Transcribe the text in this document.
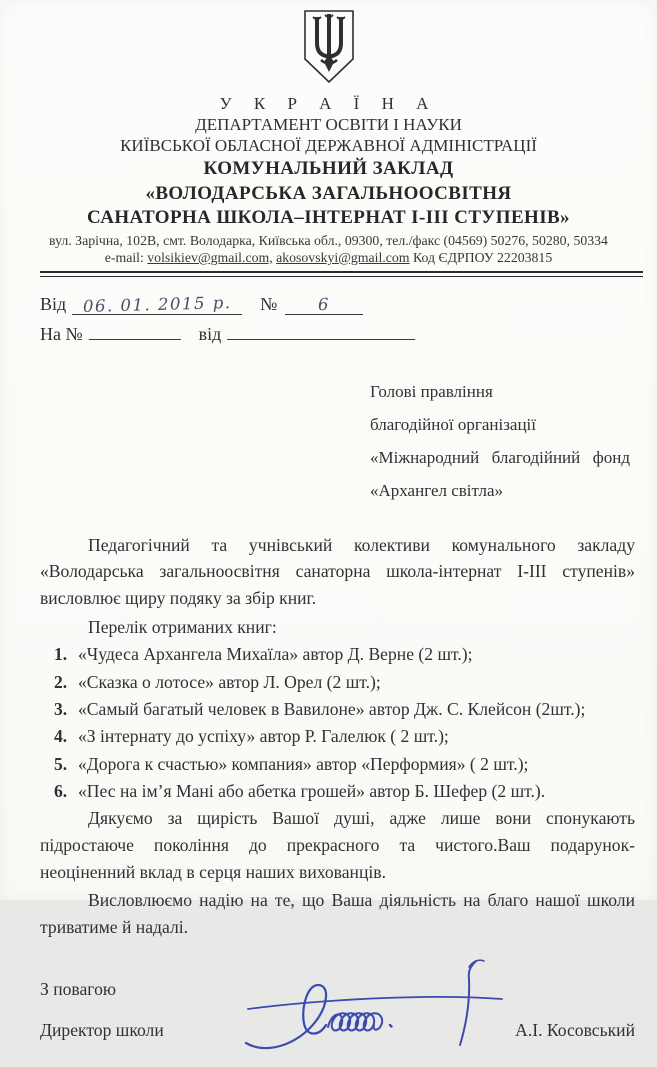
У К Р А Ї Н А
ДЕПАРТАМЕНТ ОСВІТИ І НАУКИ
КИЇВСЬКОЇ ОБЛАСНОЇ ДЕРЖАВНОЇ АДМІНІСТРАЦІЇ
КОМУНАЛЬНИЙ ЗАКЛАД
«ВОЛОДАРСЬКА ЗАГАЛЬНООСВІТНЯ
САНАТОРНА ШКОЛА–ІНТЕРНАТ І-ІІІ СТУПЕНІВ»
вул. Зарічна, 102В, смт. Володарка, Київська обл., 09300, тел./факс (04569) 50276, 50280, 50334
e-mail: volsikiev@gmail.com, akosovskyi@gmail.com Код ЄДРПОУ 22203815
Від 06. 01. 2015 р. № 6
На №	від
Голові правління
благодійної організації
«Міжнародний благодійний фонд
«Архангел світла»

Педагогічний та учнівський колективи комунального закладу «Володарська загальноосвітня санаторна школа-інтернат І-ІІІ ступенів» висловлює щиру подяку за збір книг.

Перелік отриманих книг:

1. «Чудеса Архангела Михаїла» автор Д. Верне (2 шт.);
2. «Сказка о лотосе» автор Л. Орел (2 шт.);
3. «Самый багатый человек в Вавилоне» автор Дж. С. Клейсон (2шт.);
4. «З інтернату до успіху» автор Р. Галелюк ( 2 шт.);
5. «Дорога к счастью» компания» автор «Перформия» ( 2 шт.);
6. «Пес на ім’я Мані або абетка грошей» автор Б. Шефер (2 шт.).

Дякуємо за щирість Вашої душі, адже лише вони спонукають підростаюче покоління до прекрасного та чистого.Ваш подарунок-неоціненний вклад в серця наших вихованців.

Висловлюємо надію на те, що Ваша діяльність на благо нашої школи триватиме й надалі.

З повагою

Директор школи	А.І. Косовський
